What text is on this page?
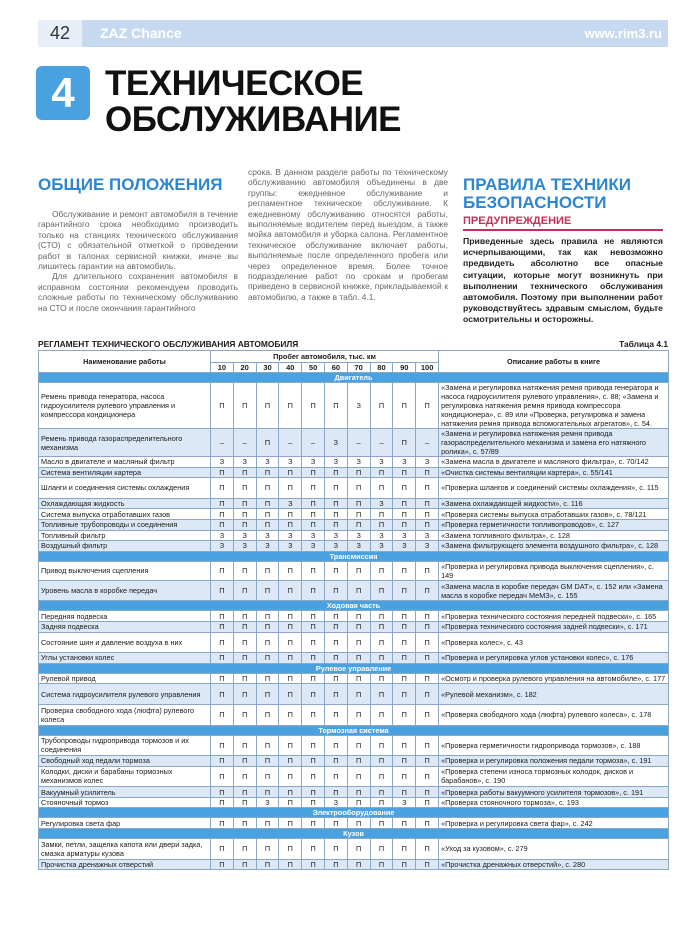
42	ZAZ Chance	www.rim3.ru
4 ТЕХНИЧЕСКОЕ
ОБСЛУЖИВАНИЕ
ОБЩИЕ ПОЛОЖЕНИЯ

Обслуживание и ремонт автомобиля в течение гарантийного срока необходимо производить только на станциях технического обслуживания (СТО) с обязательной отметкой о проведении работ в талонах сервисной книжки, иначе вы лишитесь гарантии на автомобиль.

Для длительного сохранения автомобиля в исправном состоянии рекомендуем проводить сложные работы по техническому обслуживанию на СТО и после окончания гарантийного

срока. В данном разделе работы по техническому обслуживанию автомобиля объединены в две группы: ежедневное обслуживание и регламентное техническое обслуживание. К ежедневному обслуживанию относятся работы, выполняемые водителем перед выездом, а также мойка автомобиля и уборка салона. Регламентное техническое обслуживание включает работы, выполняемые после определенного пробега или через определенное время. Более точное подразделение работ по срокам и пробегам приведено в сервисной книжке, прикладываемой к автомобилю, а также в табл. 4.1.

ПРАВИЛА ТЕХНИКИ
БЕЗОПАСНОСТИ
ПРЕДУПРЕЖДЕНИЕ
Приведенные здесь правила не являются исчерпывающими, так как невозможно предвидеть абсолютно все опасные ситуации, которые могут возникнуть при выполнении технического обслуживания автомобиля. Поэтому при выполнении работ руководствуйтесь здравым смыслом, будьте осмотрительны и осторожны.
РЕГЛАМЕНТ ТЕХНИЧЕСКОГО ОБСЛУЖИВАНИЯ АВТОМОБИЛЯ	Таблица 4.1
Наименование работы	Пробег автомобиля, тыс. км										Описание работы в книге
	10	20	30	40	50	60	70	80	90	100	
Двигатель											
Ремень привода генератора, насоса гидроусилителя рулевого управления и компрессора кондиционера	П	П	П	П	П	П	З	П	П	П	«Замена и регулировка натяжения ремня привода генератора и насоса гидроусилителя рулевого управления», с. 88; «Замена и регулировка натяжения ремня привода компрессора кондиционера», с. 89 или «Проверка, регулировка и замена натяжения ремня привода вспомогательных агрегатов», с. 54.
Ремень привода газораспределительного механизма	–	–	П	–	–	З	–	–	П	–	«Замена и регулировка натяжения ремня привода газораспределительного механизма и замена его натяжного ролика», с. 57/89
Масло в двигателе и масляный фильтр	З	З	З	З	З	З	З	З	З	З	«Замена масла в двигателе и масляного фильтра», с. 70/142
Система вентиляции картера	П	П	П	П	П	П	П	П	П	П	«Очистка системы вентиляции картера», с. 55/141
Шланги и соединения системы охлаждения	П	П	П	П	П	П	П	П	П	П	«Проверка шлангов и соединений системы охлаждения», с. 115
Охлаждающая жидкость	П	П	П	З	П	П	П	З	П	П	«Замена охлаждающей жидкости», с. 116
Система выпуска отработавших газов	П	П	П	П	П	П	П	П	П	П	«Проверка системы выпуска отработавших газов», с. 78/121
Топливные трубопроводы и соединения	П	П	П	П	П	П	П	П	П	П	«Проверка герметичности топливопроводов», с. 127
Топливный фильтр	З	З	З	З	З	З	З	З	З	З	«Замена топливного фильтра», с. 128
Воздушный фильтр	З	З	З	З	З	З	З	З	З	З	«Замена фильтрующего элемента воздушного фильтра», с. 128
Трансмиссия											
Привод выключения сцепления	П	П	П	П	П	П	П	П	П	П	«Проверка и регулировка привода выключения сцепления», с. 149
Уровень масла в коробке передач	П	П	П	П	П	П	П	П	П	П	«Замена масла в коробке передач GM DAT», с. 152 или «Замена масла в коробке передач МеМЗ», с. 155
Ходовая часть											
Передняя подвеска	П	П	П	П	П	П	П	П	П	П	«Проверка технического состояния передней подвески», с. 165
Задняя подвеска	П	П	П	П	П	П	П	П	П	П	«Проверка технического состояния задней подвески», с. 171
Состояние шин и давление воздуха в них	П	П	П	П	П	П	П	П	П	П	«Проверка колес», с. 43
Углы установки колес	П	П	П	П	П	П	П	П	П	П	«Проверка и регулировка углов установки колес», с. 176
Рулевое управление											
Рулевой привод	П	П	П	П	П	П	П	П	П	П	«Осмотр и проверка рулевого управления на автомобиле», с. 177
Система гидроусилителя рулевого управления	П	П	П	П	П	П	П	П	П	П	«Рулевой механизм», с. 182
Проверка свободного хода (люфта) рулевого колеса	П	П	П	П	П	П	П	П	П	П	«Проверка свободного хода (люфта) рулевого колеса», с. 178
Тормозная система											
Трубопроводы гидропривода тормозов и их соединения	П	П	П	П	П	П	П	П	П	П	«Проверка герметичности гидропривода тормозов», с. 188
Свободный ход педали тормоза	П	П	П	П	П	П	П	П	П	П	«Проверка и регулировка положения педали тормоза», с. 191
Колодки, диски и барабаны тормозных механизмов колес	П	П	П	П	П	П	П	П	П	П	«Проверка степени износа тормозных колодок, дисков и барабанов», с. 190
Вакуумный усилитель	П	П	П	П	П	П	П	П	П	П	«Проверка работы вакуумного усилителя тормозов», с. 191
Стояночный тормоз	П	П	З	П	П	З	П	П	З	П	«Проверка стояночного тормоза», с. 193
Электрооборудование											
Регулировка света фар	П	П	П	П	П	П	П	П	П	П	«Проверка и регулировка света фар», с. 242
Кузов											
Замки, петли, защелка капота или двери задка, смазка арматуры кузова	П	П	П	П	П	П	П	П	П	П	«Уход за кузовом», с. 279
Прочистка дренажных отверстий	П	П	П	П	П	П	П	П	П	П	«Прочистка дренажных отверстий», с. 280
